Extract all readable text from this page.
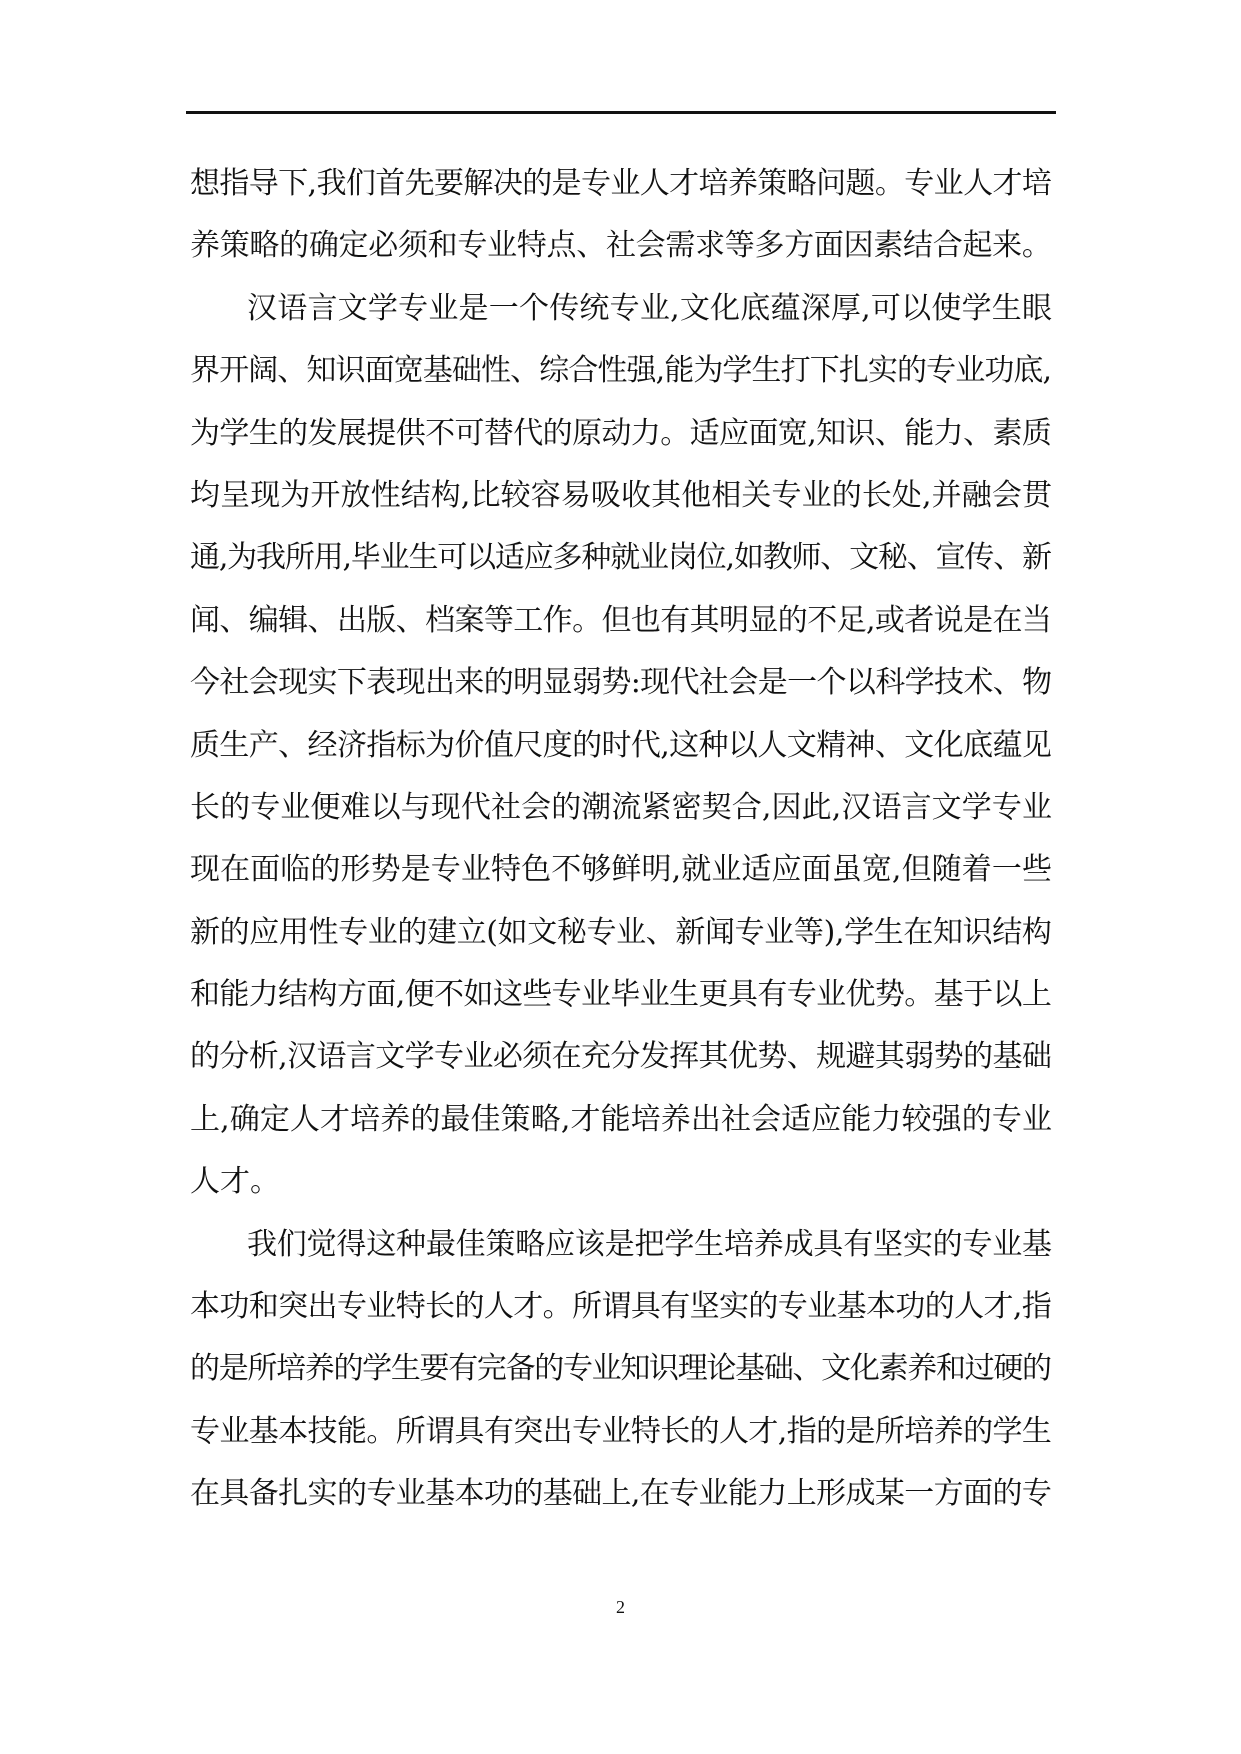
想指导下,我们首先要解决的是专业人才培养策略问题。专业人才培
养策略的确定必须和专业特点、社会需求等多方面因素结合起来。
汉语言文学专业是一个传统专业,文化底蕴深厚,可以使学生眼
界开阔、知识面宽基础性、综合性强,能为学生打下扎实的专业功底,
为学生的发展提供不可替代的原动力。适应面宽,知识、能力、素质
均呈现为开放性结构,比较容易吸收其他相关专业的长处,并融会贯
通,为我所用,毕业生可以适应多种就业岗位,如教师、文秘、宣传、新
闻、编辑、出版、档案等工作。但也有其明显的不足,或者说是在当
今社会现实下表现出来的明显弱势:现代社会是一个以科学技术、物
质生产、经济指标为价值尺度的时代,这种以人文精神、文化底蕴见
长的专业便难以与现代社会的潮流紧密契合,因此,汉语言文学专业
现在面临的形势是专业特色不够鲜明,就业适应面虽宽,但随着一些
新的应用性专业的建立(如文秘专业、新闻专业等),学生在知识结构
和能力结构方面,便不如这些专业毕业生更具有专业优势。基于以上
的分析,汉语言文学专业必须在充分发挥其优势、规避其弱势的基础
上,确定人才培养的最佳策略,才能培养出社会适应能力较强的专业
人才。
我们觉得这种最佳策略应该是把学生培养成具有坚实的专业基
本功和突出专业特长的人才。所谓具有坚实的专业基本功的人才,指
的是所培养的学生要有完备的专业知识理论基础、文化素养和过硬的
专业基本技能。所谓具有突出专业特长的人才,指的是所培养的学生
在具备扎实的专业基本功的基础上,在专业能力上形成某一方面的专
2
